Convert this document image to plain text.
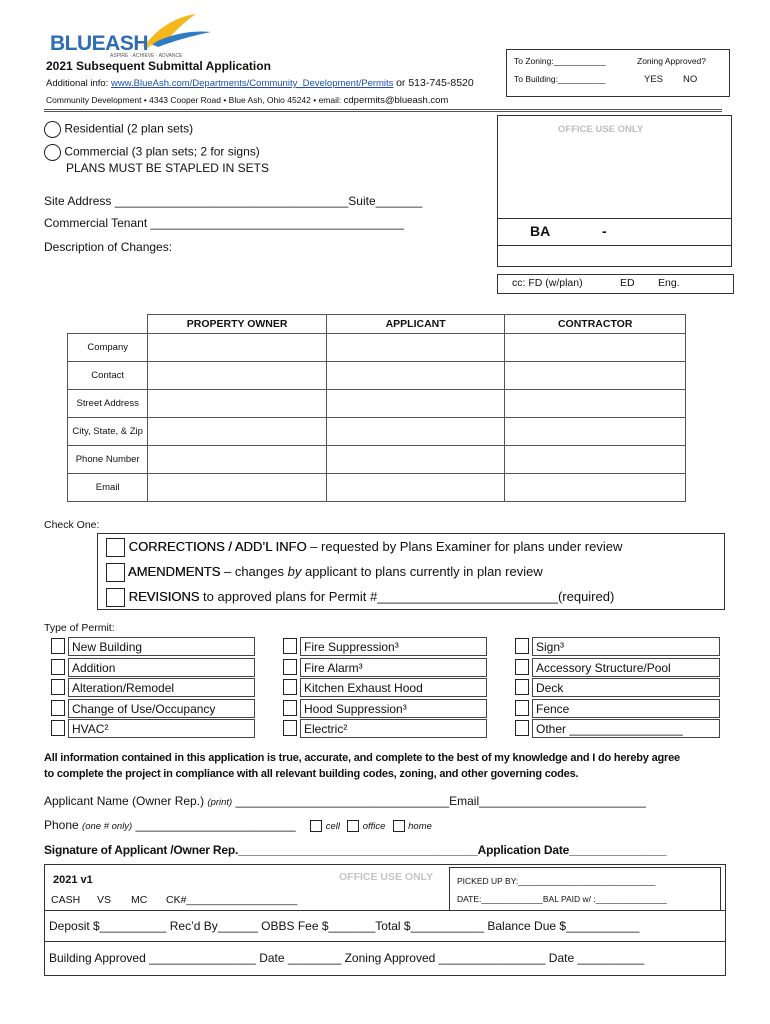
BLUEASH
ASPIRE · ACHIEVE · ADVANCE
2021 Subsequent Submittal Application
Additional info: www.BlueAsh.com/Departments/Community_Development/Permits or 513-745-8520
Community Development • 4343 Cooper Road • Blue Ash, Ohio 45242 • email: cdpermits@blueash.com
To Zoning:___________
To Building:__________
Zoning Approved?
YES NO
Residential (2 plan sets)
Commercial (3 plan sets; 2 for signs)
PLANS MUST BE STAPLED IN SETS
Site Address ___________________________________Suite_______
Commercial Tenant ______________________________________
Description of Changes:
OFFICE USE ONLY
BA	-
cc: FD (w/plan)	ED Eng.
	PROPERTY OWNER	APPLICANT	CONTRACTOR
Company			
Contact			
Street Address			
City, State, & Zip			
Phone Number			
Email			
Check One:
CORRECTIONS / ADD’L INFO – requested by Plans Examiner for plans under review
AMENDMENTS – changes by applicant to plans currently in plan review
REVISIONS to approved plans for Permit #_________________________(required)
Type of Permit:
New Building
Addition
Alteration/Remodel
Change of Use/Occupancy
HVAC²
Fire Suppression³
Fire Alarm³
Kitchen Exhaust Hood
Hood Suppression³
Electric²
Sign³
Accessory Structure/Pool
Deck
Fence
Other _________________
All information contained in this application is true, accurate, and complete to the best of my knowledge and I do hereby agree
to complete the project in compliance with all relevant building codes, zoning, and other governing codes.
Applicant Name (Owner Rep.) (print) ________________________________Email_________________________
Phone (one # only) ________________________	cell office home
Signature of Applicant /Owner Rep._____________________________________Application Date_______________
2021 v1	OFFICE USE ONLY
CASH VS MC CK#___________________
PICKED UP BY:_____________________________
DATE:_____________BAL PAID w/ :_______________
Deposit $__________ Rec’d By______ OBBS Fee $_______Total $___________ Balance Due $___________
Building Approved ________________ Date ________ Zoning Approved ________________ Date __________
